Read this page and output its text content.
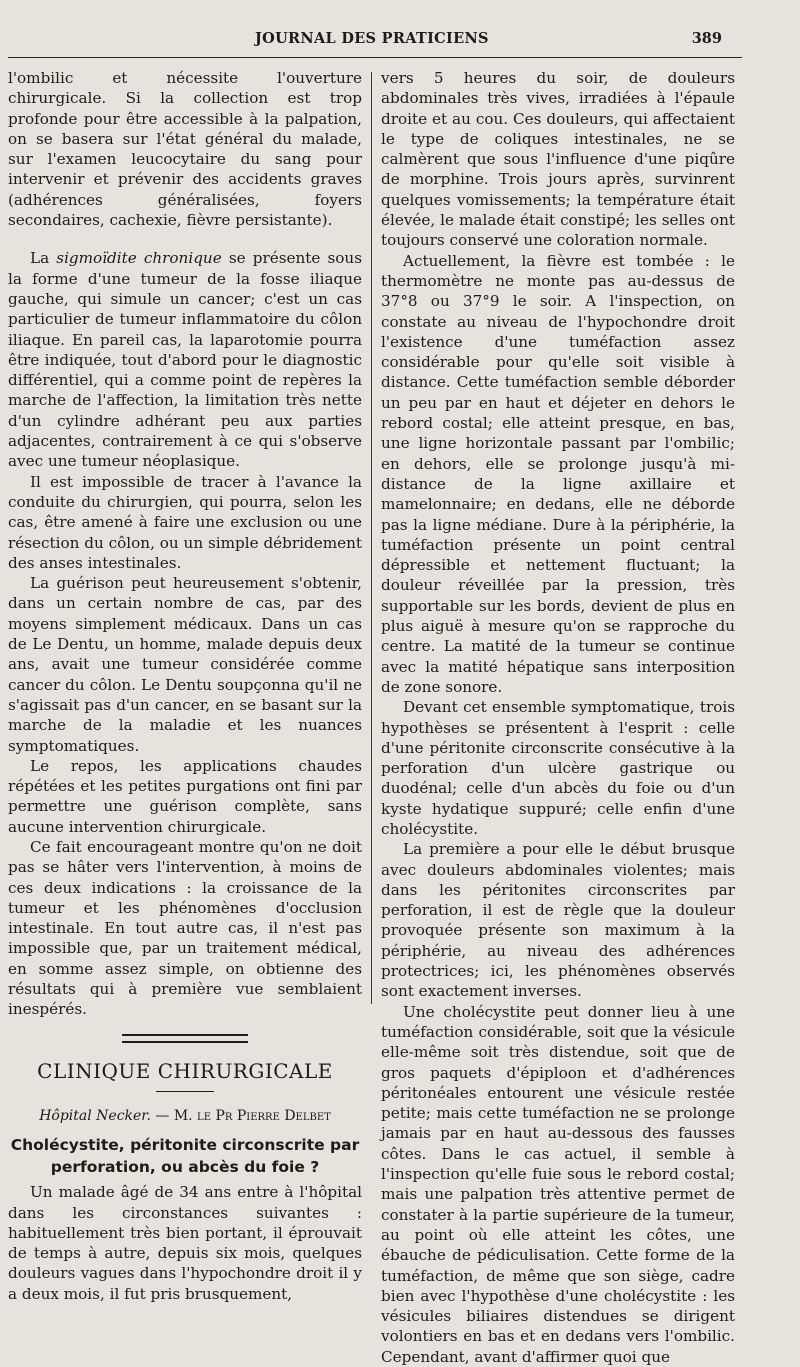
JOURNAL DES PRATICIENS	389

l'ombilic et nécessite l'ouverture chirurgicale. Si la collection est trop profonde pour être accessible à la palpation, on se basera sur l'état général du malade, sur l'examen leucocytaire du sang pour intervenir et prévenir des accidents graves (adhérences généralisées, foyers secondaires, cachexie, fièvre persistante).

La sigmoïdite chronique se présente sous la forme d'une tumeur de la fosse iliaque gauche, qui simule un cancer; c'est un cas particulier de tumeur inflammatoire du côlon iliaque. En pareil cas, la laparotomie pourra être indiquée, tout d'abord pour le diagnostic différentiel, qui a comme point de repères la marche de l'affection, la limitation très nette d'un cylindre adhérant peu aux parties adjacentes, contrairement à ce qui s'observe avec une tumeur néoplasique.

Il est impossible de tracer à l'avance la conduite du chirurgien, qui pourra, selon les cas, être amené à faire une exclusion ou une résection du côlon, ou un simple débridement des anses intestinales.

La guérison peut heureusement s'obtenir, dans un certain nombre de cas, par des moyens simplement médicaux. Dans un cas de Le Dentu, un homme, malade depuis deux ans, avait une tumeur considérée comme cancer du côlon. Le Dentu soupçonna qu'il ne s'agissait pas d'un cancer, en se basant sur la marche de la maladie et les nuances symptomatiques.

Le repos, les applications chaudes répétées et les petites purgations ont fini par permettre une guérison complète, sans aucune intervention chirurgicale.

Ce fait encourageant montre qu'on ne doit pas se hâter vers l'intervention, à moins de ces deux indications : la croissance de la tumeur et les phénomènes d'occlusion intestinale. En tout autre cas, il n'est pas impossible que, par un traitement médical, en somme assez simple, on obtienne des résultats qui à première vue semblaient inespérés.

CLINIQUE CHIRURGICALE
Hôpital Necker. — M. le Pr Pierre Delbet
Cholécystite, péritonite circonscrite par perforation, ou abcès du foie ?

Un malade âgé de 34 ans entre à l'hôpital dans les circonstances suivantes : habituellement très bien portant, il éprouvait de temps à autre, depuis six mois, quelques douleurs vagues dans l'hypochondre droit il y a deux mois, il fut pris brusquement,

vers 5 heures du soir, de douleurs abdominales très vives, irradiées à l'épaule droite et au cou. Ces douleurs, qui affectaient le type de coliques intestinales, ne se calmèrent que sous l'influence d'une piqûre de morphine. Trois jours après, survinrent quelques vomissements; la température était élevée, le malade était constipé; les selles ont toujours conservé une coloration normale.

Actuellement, la fièvre est tombée : le thermomètre ne monte pas au-dessus de 37°8 ou 37°9 le soir. A l'inspection, on constate au niveau de l'hypochondre droit l'existence d'une tuméfaction assez considérable pour qu'elle soit visible à distance. Cette tuméfaction semble déborder un peu par en haut et déjeter en dehors le rebord costal; elle atteint presque, en bas, une ligne horizontale passant par l'ombilic; en dehors, elle se prolonge jusqu'à mi-distance de la ligne axillaire et mamelonnaire; en dedans, elle ne déborde pas la ligne médiane. Dure à la périphérie, la tuméfaction présente un point central dépressible et nettement fluctuant; la douleur réveillée par la pression, très supportable sur les bords, devient de plus en plus aiguë à mesure qu'on se rapproche du centre. La matité de la tumeur se continue avec la matité hépatique sans interposition de zone sonore.

Devant cet ensemble symptomatique, trois hypothèses se présentent à l'esprit : celle d'une péritonite circonscrite consécutive à la perforation d'un ulcère gastrique ou duodénal; celle d'un abcès du foie ou d'un kyste hydatique suppuré; celle enfin d'une cholécystite.

La première a pour elle le début brusque avec douleurs abdominales violentes; mais dans les péritonites circonscrites par perforation, il est de règle que la douleur provoquée présente son maximum à la périphérie, au niveau des adhérences protectrices; ici, les phénomènes observés sont exactement inverses.

Une cholécystite peut donner lieu à une tuméfaction considérable, soit que la vésicule elle-même soit très distendue, soit que de gros paquets d'épiploon et d'adhérences péritonéales entourent une vésicule restée petite; mais cette tuméfaction ne se prolonge jamais par en haut au-dessous des fausses côtes. Dans le cas actuel, il semble à l'inspection qu'elle fuie sous le rebord costal; mais une palpation très attentive permet de constater à la partie supérieure de la tumeur, au point où elle atteint les côtes, une ébauche de pédiculisation. Cette forme de la tuméfaction, de même que son siège, cadre bien avec l'hypothèse d'une cholécystite : les vésicules biliaires distendues se dirigent volontiers en bas et en dedans vers l'ombilic. Cependant, avant d'affirmer quoi que
